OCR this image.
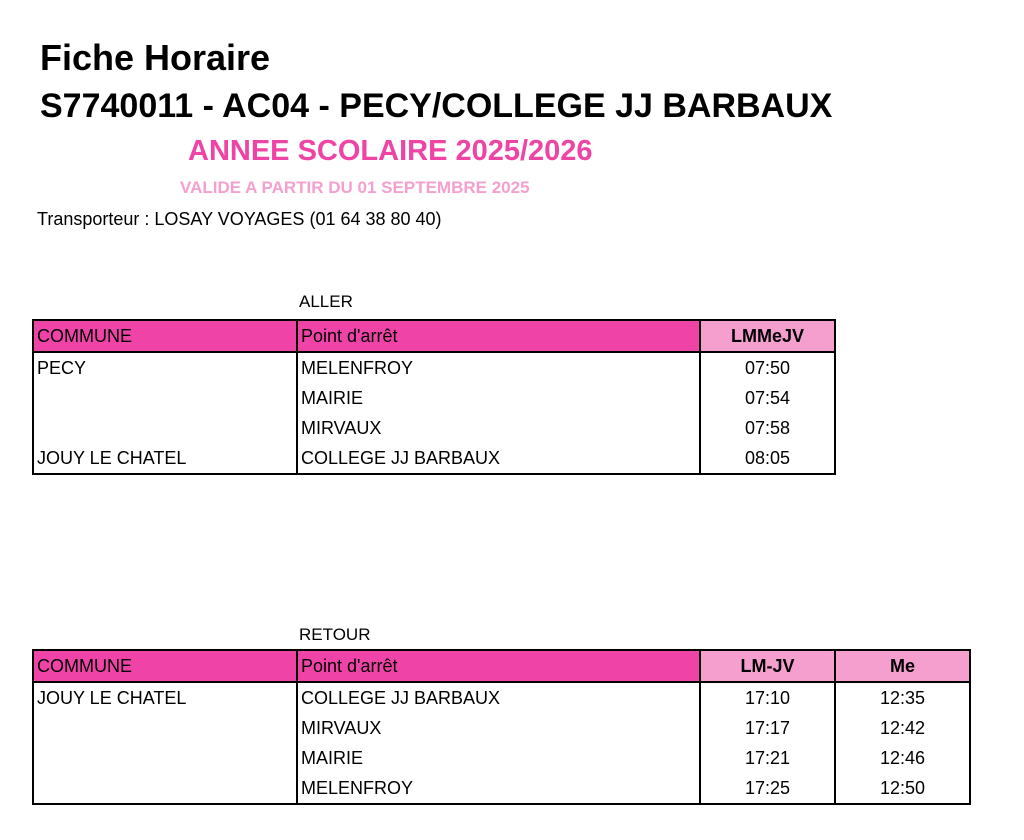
Fiche Horaire
S7740011 - AC04 - PECY/COLLEGE JJ BARBAUX
ANNEE SCOLAIRE 2025/2026
VALIDE A PARTIR DU 01 SEPTEMBRE 2025
Transporteur : LOSAY VOYAGES (01 64 38 80 40)
ALLER
COMMUNE	Point d'arrêt	LMMeJV
PECY	MELENFROY	07:50
	MAIRIE	07:54
	MIRVAUX	07:58
JOUY LE CHATEL	COLLEGE JJ BARBAUX	08:05
RETOUR
COMMUNE	Point d'arrêt	LM-JV	Me
JOUY LE CHATEL	COLLEGE JJ BARBAUX	17:10	12:35
	MIRVAUX	17:17	12:42
	MAIRIE	17:21	12:46
	MELENFROY	17:25	12:50
